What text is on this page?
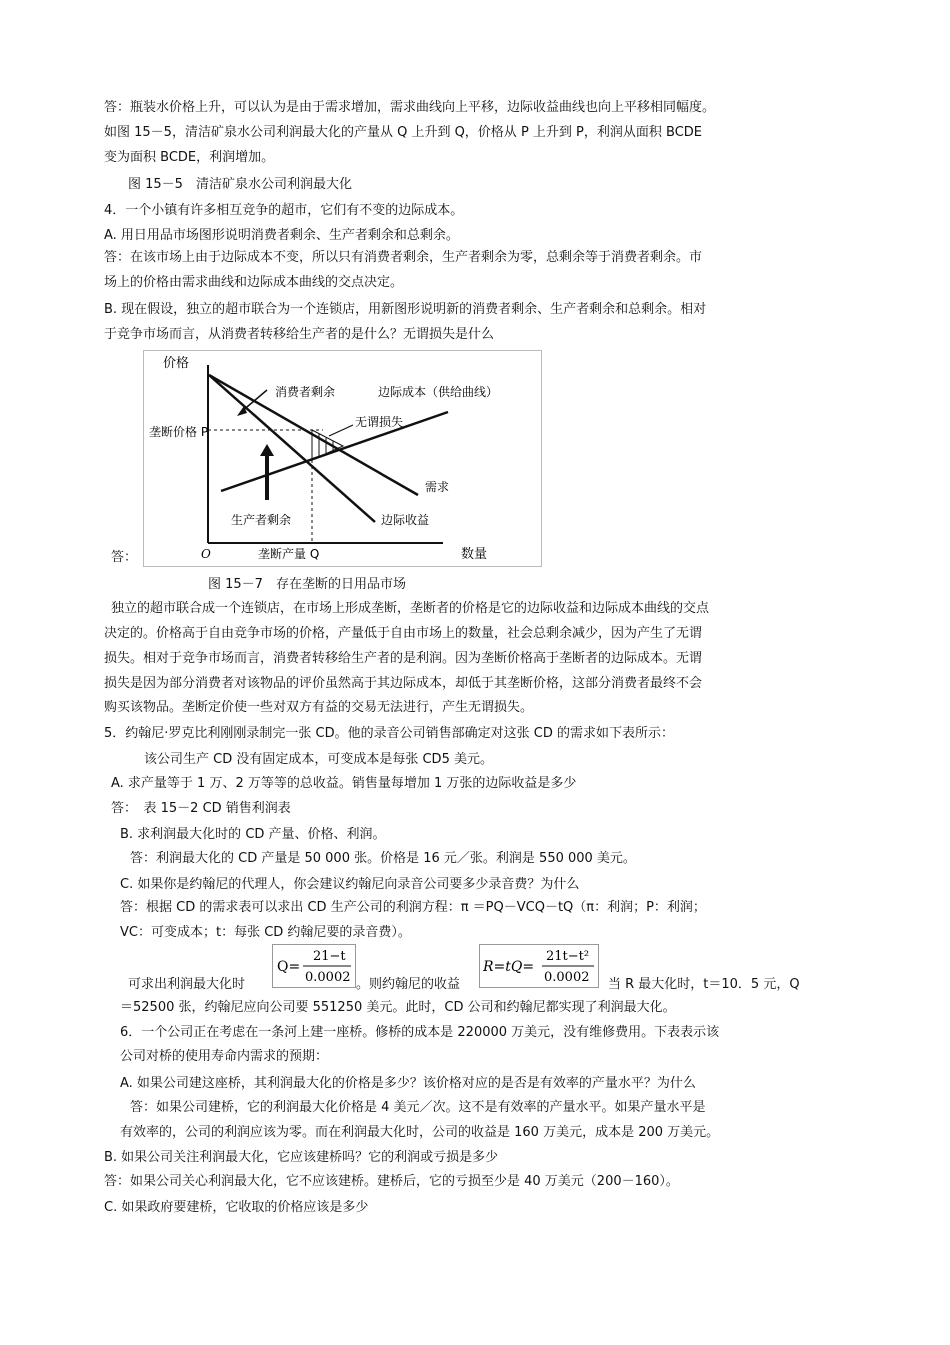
答：瓶装水价格上升，可以认为是由于需求增加，需求曲线向上平移，边际收益曲线也向上平移相同幅度。
如图 15－5，清洁矿泉水公司利润最大化的产量从 Q 上升到 Q，价格从 P 上升到 P，利润从面积 BCDE
变为面积 BCDE，利润增加。
图 15－5　清洁矿泉水公司利润最大化
4．一个小镇有许多相互竞争的超市，它们有不变的边际成本。
A. 用日用品市场图形说明消费者剩余、生产者剩余和总剩余。
答：在该市场上由于边际成本不变，所以只有消费者剩余，生产者剩余为零，总剩余等于消费者剩余。市
场上的价格由需求曲线和边际成本曲线的交点决定。
B. 现在假设，独立的超市联合为一个连锁店，用新图形说明新的消费者剩余、生产者剩余和总剩余。相对
于竞争市场而言，从消费者转移给生产者的是什么？无谓损失是什么
价格
消费者剩余	边际成本（供给曲线）
无谓损失
垄断价格 P
需求
生产者剩余	边际收益
O	垄断产量 Q	数量
答：
图 15－7　存在垄断的日用品市场
独立的超市联合成一个连锁店，在市场上形成垄断，垄断者的价格是它的边际收益和边际成本曲线的交点
决定的。价格高于自由竞争市场的价格，产量低于自由市场上的数量，社会总剩余减少，因为产生了无谓
损失。相对于竞争市场而言，消费者转移给生产者的是利润。因为垄断价格高于垄断者的边际成本。无谓
损失是因为部分消费者对该物品的评价虽然高于其边际成本，却低于其垄断价格，这部分消费者最终不会
购买该物品。垄断定价使一些对双方有益的交易无法进行，产生无谓损失。
5．约翰尼·罗克比利刚刚录制完一张 CD。他的录音公司销售部确定对这张 CD 的需求如下表所示：
该公司生产 CD 没有固定成本，可变成本是每张 CD5 美元。
A. 求产量等于 1 万、2 万等等的总收益。销售量每增加 1 万张的边际收益是多少
答：　表 15－2 CD 销售利润表
B. 求利润最大化时的 CD 产量、价格、利润。
答：利润最大化的 CD 产量是 50 000 张。价格是 16 元／张。利润是 550 000 美元。
C. 如果你是约翰尼的代理人，你会建议约翰尼向录音公司要多少录音费？为什么
答：根据 CD 的需求表可以求出 CD 生产公司的利润方程：π ＝PQ－VCQ－tQ（π：利润；P：利润；
VC：可变成本；t：每张 CD 约翰尼要的录音费）。
可求出利润最大化时
Q=
21−t
0.0002 。则约翰尼的收益
R=tQ=
21t−t²
0.0002 当 R 最大化时，t＝10．5 元，Q
＝52500 张，约翰尼应向公司要 551250 美元。此时，CD 公司和约翰尼都实现了利润最大化。
6．一个公司正在考虑在一条河上建一座桥。修桥的成本是 220000 万美元，没有维修费用。下表表示该
公司对桥的使用寿命内需求的预期：
A. 如果公司建这座桥，其利润最大化的价格是多少？该价格对应的是否是有效率的产量水平？为什么
答：如果公司建桥，它的利润最大化价格是 4 美元／次。这不是有效率的产量水平。如果产量水平是
有效率的，公司的利润应该为零。而在利润最大化时，公司的收益是 160 万美元，成本是 200 万美元。
B. 如果公司关注利润最大化，它应该建桥吗？它的利润或亏损是多少
答：如果公司关心利润最大化，它不应该建桥。建桥后，它的亏损至少是 40 万美元（200－160）。
C. 如果政府要建桥，它收取的价格应该是多少
